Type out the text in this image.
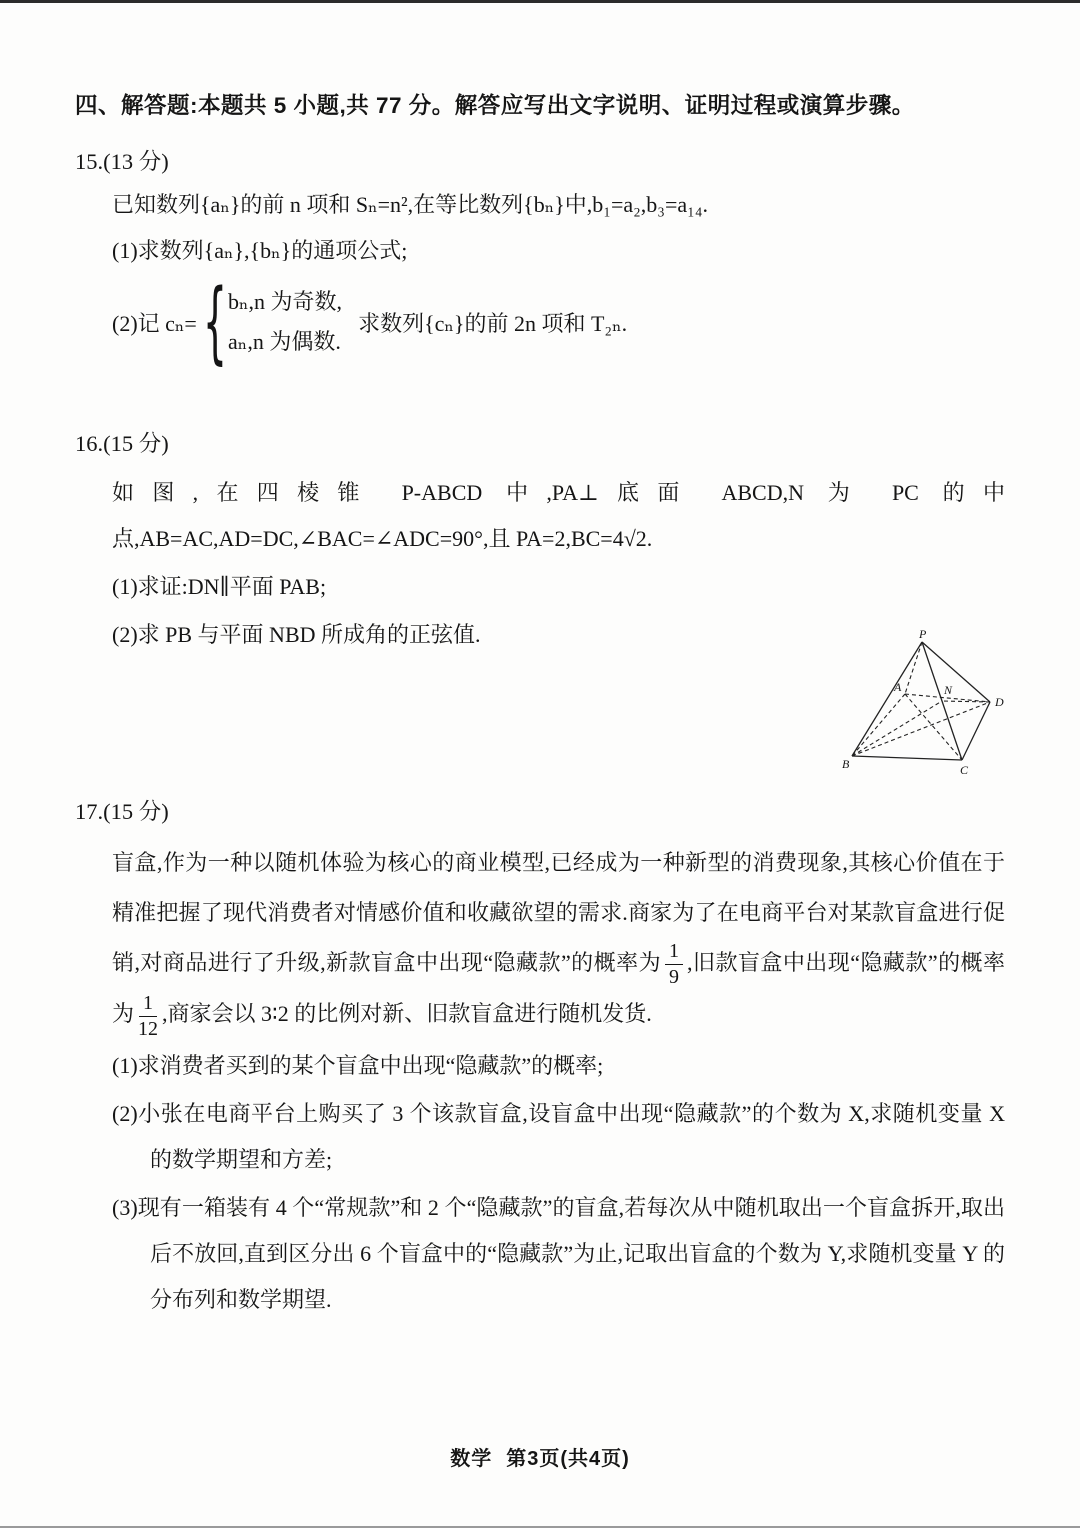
四、解答题:本题共 5 小题,共 77 分。解答应写出文字说明、证明过程或演算步骤。
15.(13 分)

已知数列{aₙ}的前 n 项和 Sₙ=n²,在等比数列{bₙ}中,b₁=a₂,b₃=a₁₄.

(1)求数列{aₙ},{bₙ}的通项公式;

(2)记 cₙ= { bₙ,n 为奇数,
aₙ,n 为偶数.
求数列{cₙ}的前 2n 项和 T₂ₙ.
16.(15 分)

如图,在四棱锥 P-ABCD 中,PA⊥底面 ABCD,N 为 PC 的中点,AB=AC,AD=DC,∠BAC=∠ADC=90°,且 PA=2,BC=4√2.

(1)求证:DN∥平面 PAB;

(2)求 PB 与平面 NBD 所成角的正弦值.	P
A	N
D
B	C
17.(15 分)

盲盒,作为一种以随机体验为核心的商业模型,已经成为一种新型的消费现象,其核心价值在于精准把握了现代消费者对情感价值和收藏欲望的需求.商家为了在电商平台对某款盲盒进行促销,对商品进行了升级,新款盲盒中出现“隐藏款”的概率为 $\frac{1}{9}$ ,旧款盲盒中出现“隐藏款”的概率为 $\frac{1}{12}$ ,商家会以 3∶2 的比例对新、旧款盲盒进行随机发货.

(1)求消费者买到的某个盲盒中出现“隐藏款”的概率;

(2)小张在电商平台上购买了 3 个该款盲盒,设盲盒中出现“隐藏款”的个数为 X,求随机变量 X 的数学期望和方差;

(3)现有一箱装有 4 个“常规款”和 2 个“隐藏款”的盲盒,若每次从中随机取出一个盲盒拆开,取出后不放回,直到区分出 6 个盲盒中的“隐藏款”为止,记取出盲盒的个数为 Y,求随机变量 Y 的分布列和数学期望.

数学 第3页(共4页)
